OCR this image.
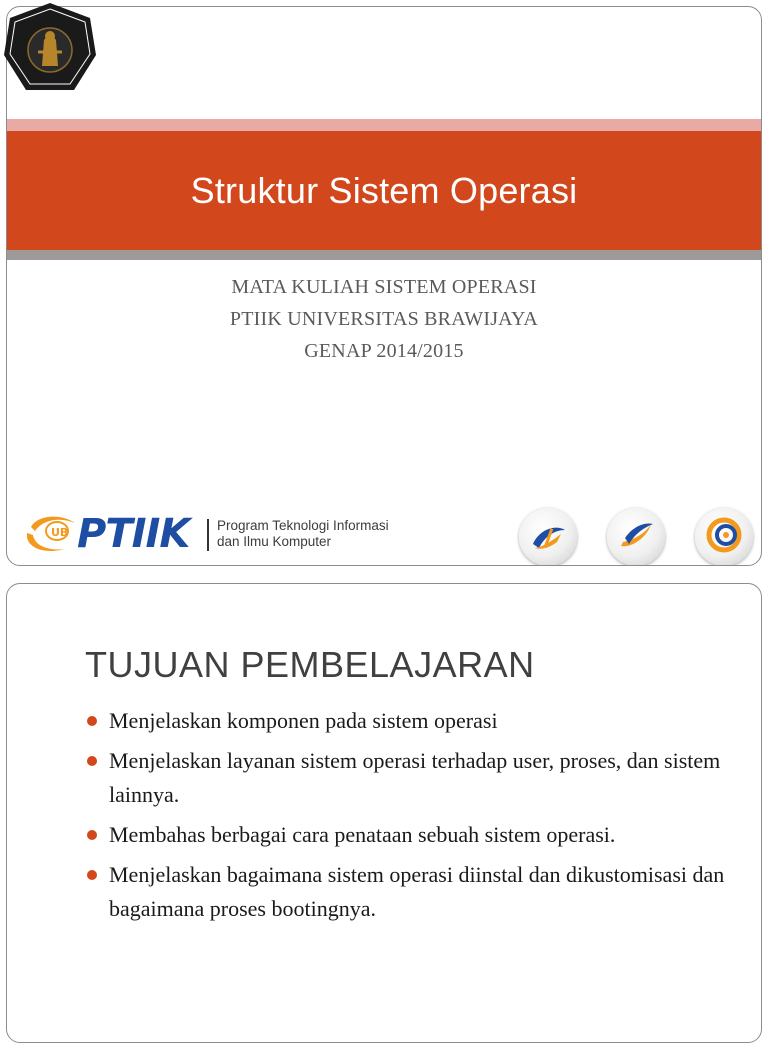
Struktur Sistem Operasi
MATA KULIAH SISTEM OPERASI
PTIIK UNIVERSITAS BRAWIJAYA
GENAP 2014/2015
UB PTIIK Program Teknologi Informasi
dan Ilmu Komputer
TUJUAN PEMBELAJARAN
Menjelaskan komponen pada sistem operasi
Menjelaskan layanan sistem operasi terhadap user, proses, dan sistem lainnya.
Membahas berbagai cara penataan sebuah sistem operasi.
Menjelaskan bagaimana sistem operasi diinstal dan dikustomisasi dan bagaimana proses bootingnya.
